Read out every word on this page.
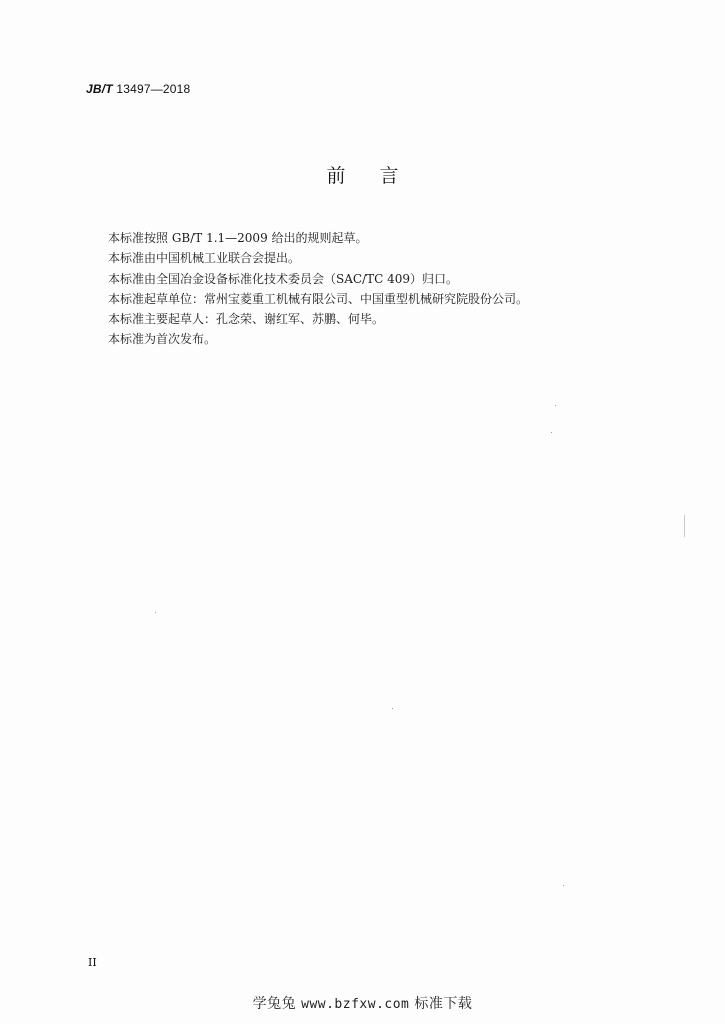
JB/T 13497—2018
前言

本标准按照 GB/T 1.1—2009 给出的规则起草。

本标准由中国机械工业联合会提出。

本标准由全国冶金设备标准化技术委员会（SAC/TC 409）归口。

本标准起草单位：常州宝菱重工机械有限公司、中国重型机械研究院股份公司。

本标准主要起草人：孔念荣、谢红军、苏鹏、何毕。

本标准为首次发布。

II
学兔兔 www.bzfxw.com 标准下载
